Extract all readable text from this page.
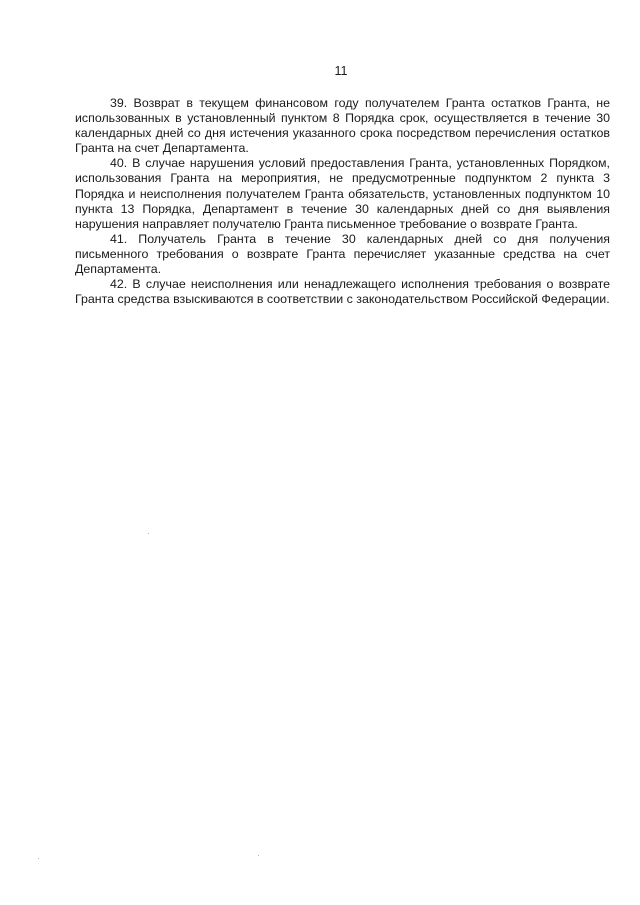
11

39. Возврат в текущем финансовом году получателем Гранта остатков Гранта, не использованных в установленный пунктом 8 Порядка срок, осуществляется в течение 30 календарных дней со дня истечения указанного срока посредством перечисления остатков Гранта на счет Департамента.

40. В случае нарушения условий предоставления Гранта, установленных Порядком, использования Гранта на мероприятия, не предусмотренные подпунктом 2 пункта 3 Порядка и неисполнения получателем Гранта обязательств, установленных подпунктом 10 пункта 13 Порядка, Департамент в течение 30 календарных дней со дня выявления нарушения направляет получателю Гранта письменное требование о возврате Гранта.

41. Получатель Гранта в течение 30 календарных дней со дня получения письменного требования о возврате Гранта перечисляет указанные средства на счет Департамента.

42. В случае неисполнения или ненадлежащего исполнения требования о возврате Гранта средства взыскиваются в соответствии с законодательством Российской Федерации.
